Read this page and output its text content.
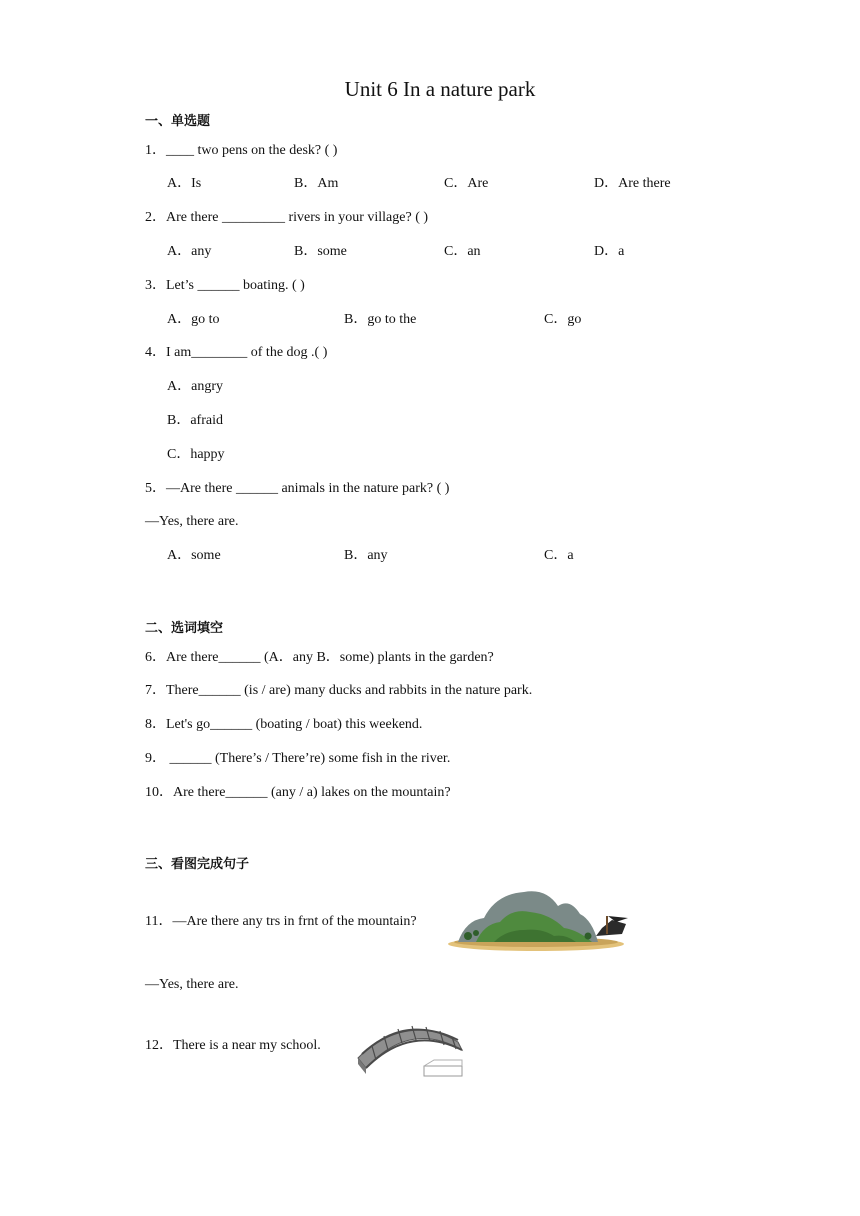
Unit 6 In a nature park
一、单选题
1．____ two pens on the desk? ( )
A．Is	B．Am	C．Are	D．Are there
2．Are there _________ rivers in your village? ( )
A．any	B．some	C．an	D．a
3．Let’s ______ boating. ( )
A．go to	B．go to the	C．go
4．I am________ of the dog .( )
A．angry
B．afraid
C．happy
5．—Are there ______ animals in the nature park? ( )
—Yes, there are.
A．some	B．any	C．a
二、选词填空
6．Are there______ (A．any B．some) plants in the garden?
7．There______ (is / are) many ducks and rabbits in the nature park.
8．Let's go______ (boating / boat) this weekend.
9． ______ (There’s / There’re) some fish in the river.
10．Are there______ (any / a) lakes on the mountain?
三、看图完成句子
11．—Are there any trs in frnt of the mountain?
—Yes, there are.
12．There is a near my school.
